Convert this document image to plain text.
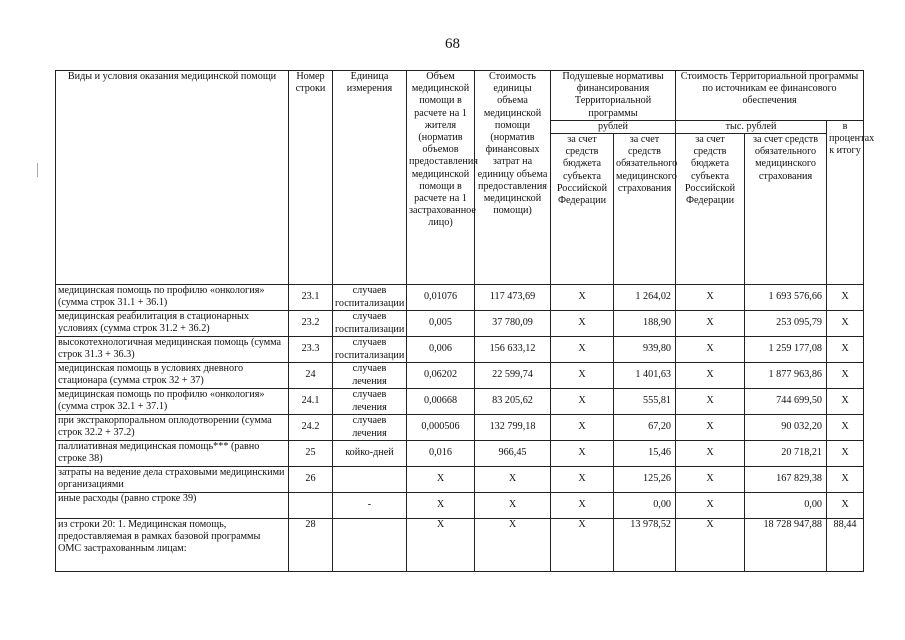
68
Виды и условия оказания медицинской помощи	Номер строки	Единица измерения	Объем медицинской помощи в расчете на 1 жителя (норматив объемов предоставления медицинской помощи в расчете на 1 застрахованное лицо)	Стоимость единицы объема медицинской помощи (норматив финансовых затрат на единицу объема предоставления медицинской помощи)	Подушевые нормативы финансирования Территориальной программы		Стоимость Территориальной программы по источникам ее финансового обеспечения		
					рублей		тыс. рублей		в процентах к итогу
					за счет средств бюджета субъекта Российской Федерации	за счет средств обязательного медицинского страхования	за счет средств бюджета субъекта Российской Федерации	за счет средств обязательного медицинского страхования	
медицинская помощь по профилю «онкология» (сумма строк 31.1 + 36.1)	23.1	случаев госпитализации	0,01076	117 473,69	X	1 264,02	X	1 693 576,66	X
медицинская реабилитация в стационарных условиях (сумма строк 31.2 + 36.2)	23.2	случаев госпитализации	0,005	37 780,09	X	188,90	X	253 095,79	X
высокотехнологичная медицинская помощь (сумма строк 31.3 + 36.3)	23.3	случаев госпитализации	0,006	156 633,12	X	939,80	X	1 259 177,08	X
медицинская помощь в условиях дневного стационара (сумма строк 32 + 37)	24	случаев лечения	0,06202	22 599,74	X	1 401,63	X	1 877 963,86	X
медицинская помощь по профилю «онкология» (сумма строк 32.1 + 37.1)	24.1	случаев лечения	0,00668	83 205,62	X	555,81	X	744 699,50	X
при экстракорпоральном оплодотворении (сумма строк 32.2 + 37.2)	24.2	случаев лечения	0,000506	132 799,18	X	67,20	X	90 032,20	X
паллиативная медицинская помощь*** (равно строке 38)	25	койко-дней	0,016	966,45	X	15,46	X	20 718,21	X
затраты на ведение дела страховыми медицинскими организациями	26		X	X	X	125,26	X	167 829,38	X
иные расходы (равно строке 39)		-	X	X	X	0,00	X	0,00	X
из строки 20: 1. Медицинская помощь, предоставляемая в рамках базовой программы ОМС застрахованным лицам:	28		X	X	X	13 978,52	X	18 728 947,88	88,44
